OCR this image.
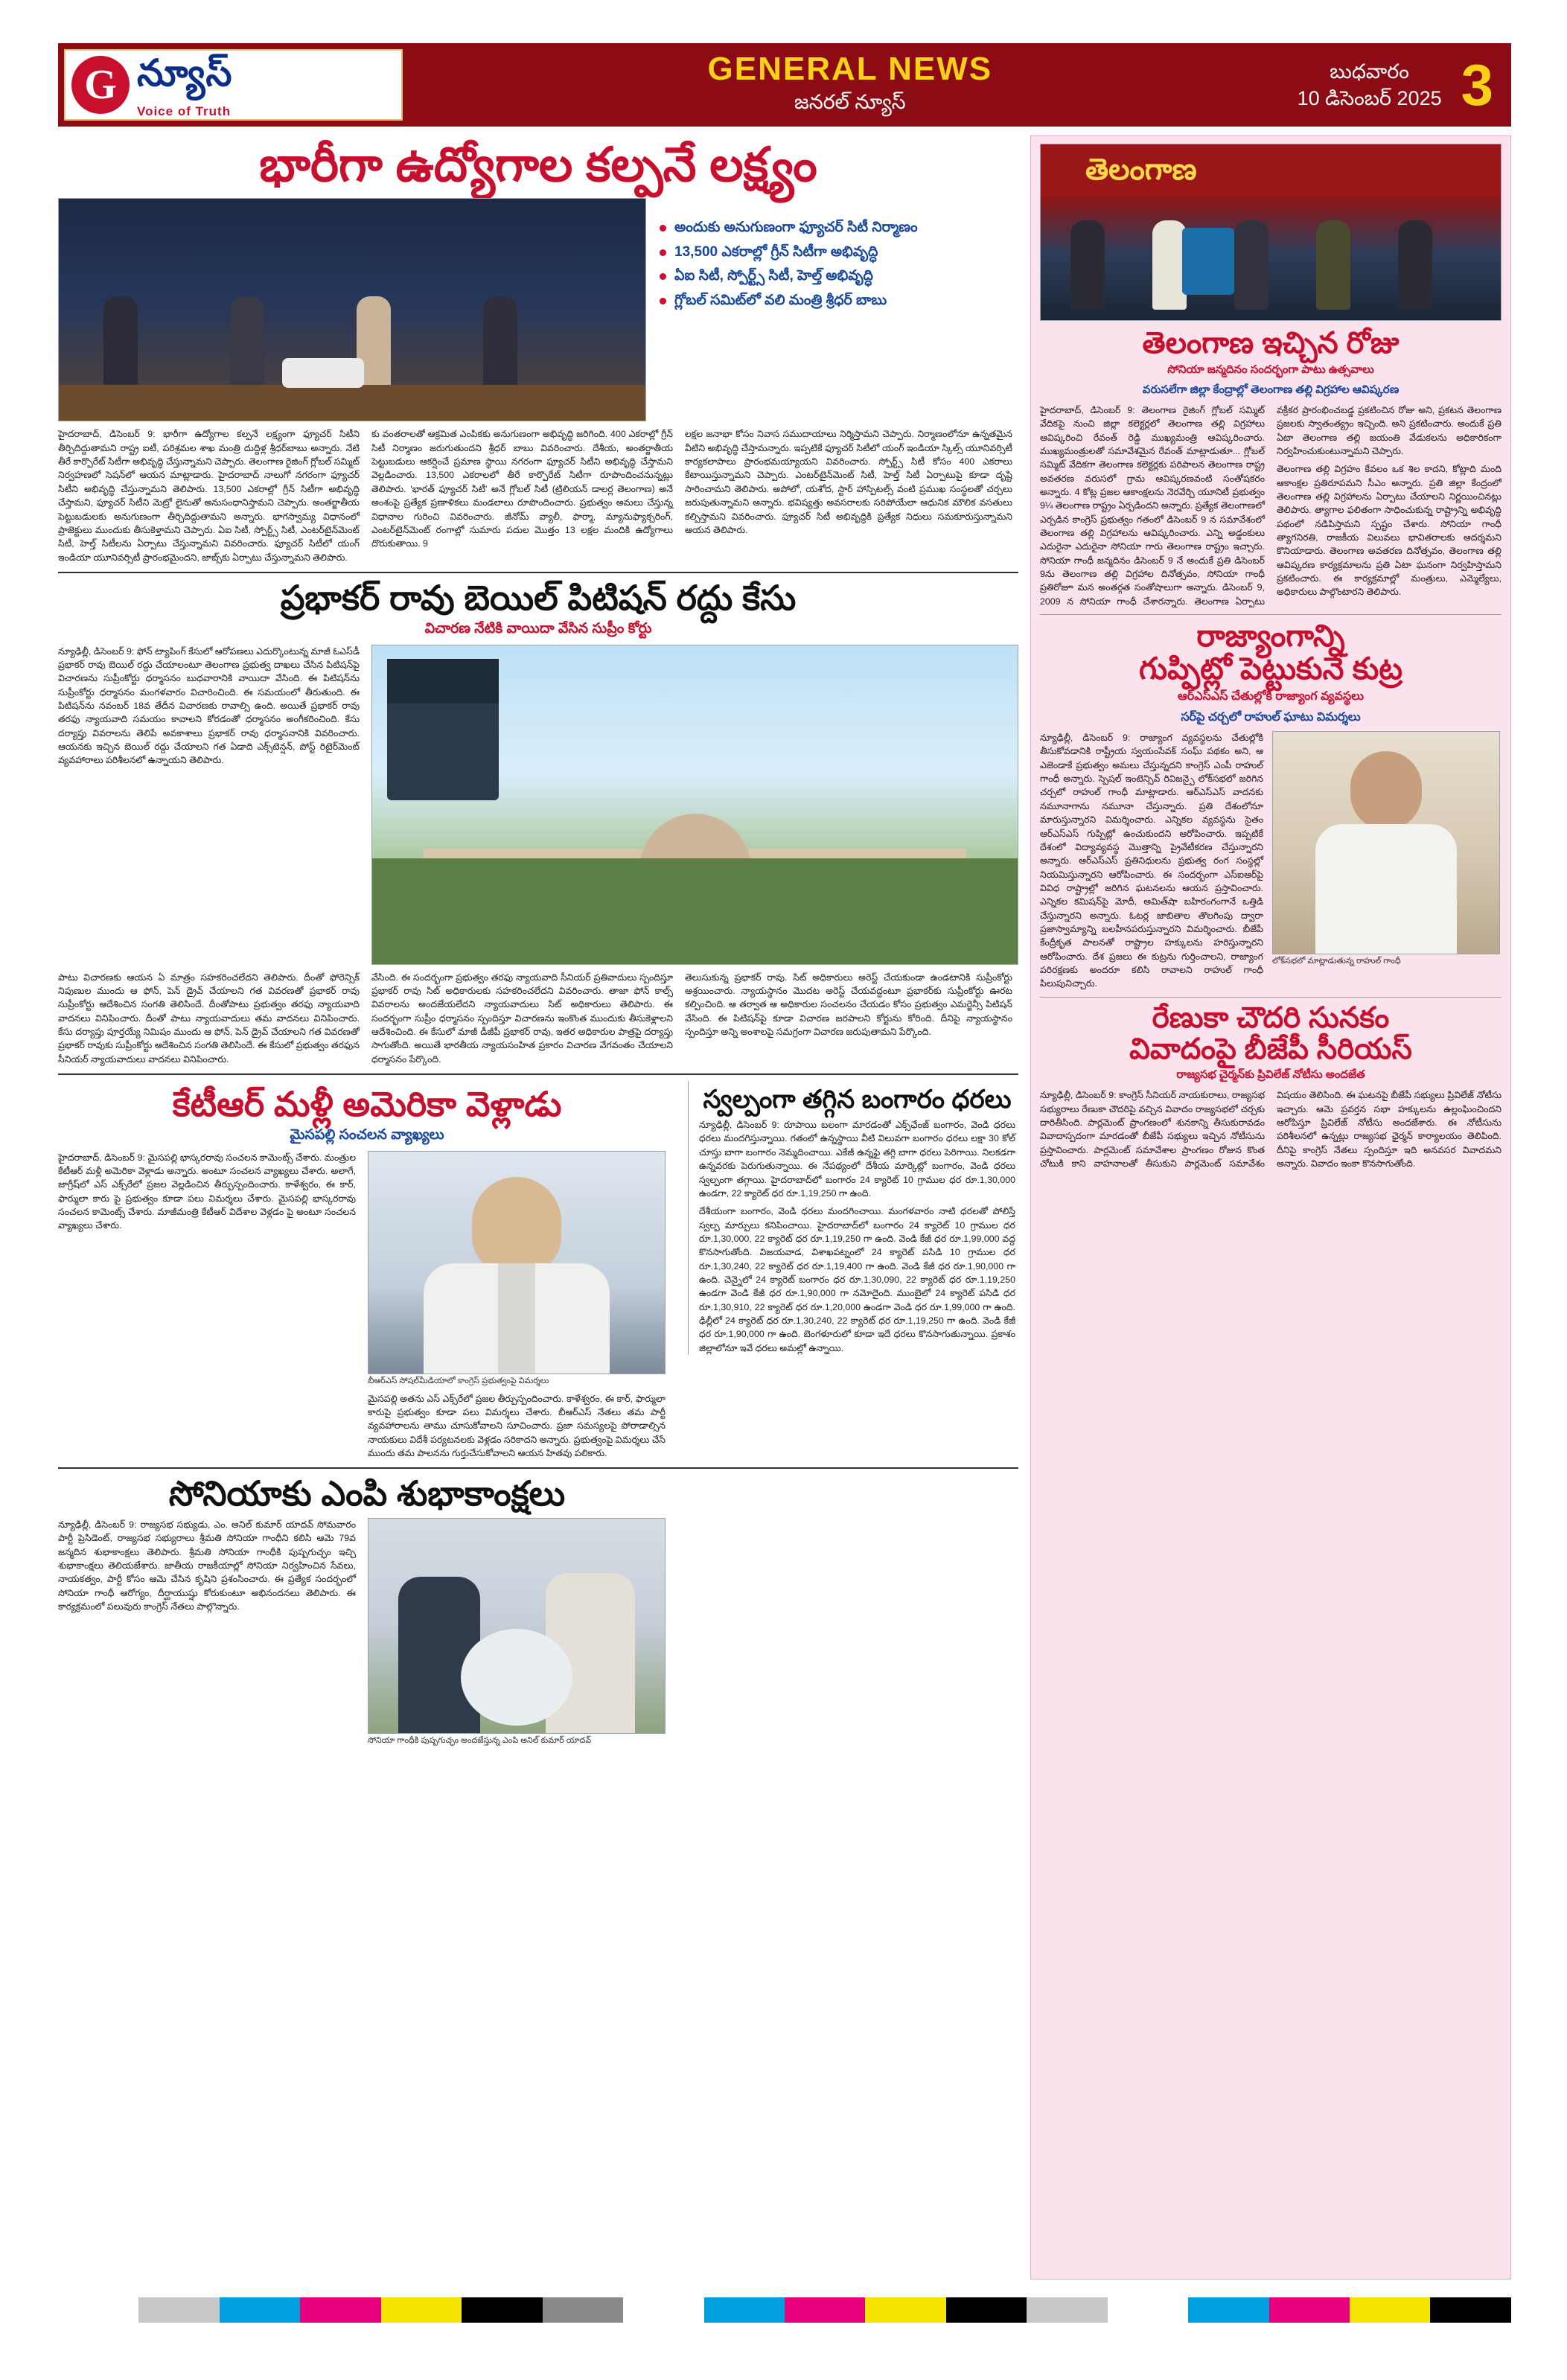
G న్యూస్
Voice of Truth
GENERAL NEWS
జనరల్ న్యూస్
బుధవారం
10 డిసెంబర్ 2025 3
భారీగా ఉద్యోగాల కల్పనే లక్ష్యం
అందుకు అనుగుణంగా ఫ్యూచర్ సిటీ నిర్మాణం
13,500 ఎకరాల్లో గ్రీన్ సిటీగా అభివృద్ధి
ఏఐ సిటీ, స్పోర్ట్స్ సిటీ, హెల్త్ అభివృద్ధి
గ్లోబల్ సమిట్‌లో వలి మంత్రి శ్రీధర్ బాబు
హైదరాబాద్, డిసెంబర్ 9: భారీగా ఉద్యోగాల కల్పనే లక్ష్యంగా ఫ్యూచర్ సిటీని తీర్చిదిద్దుతామని రాష్ట్ర ఐటీ, పరిశ్రమల శాఖ మంత్రి దుద్దిళ్ల శ్రీధర్‌బాబు అన్నారు. నేటి తీరే కార్పొరేట్ సిటీగా అభివృద్ధి చేస్తున్నామని చెప్పారు. తెలంగాణ రైజింగ్ గ్లోబల్ సమ్మిట్ నిర్వహణలో సెషన్‌లో ఆయన మాట్లాడారు. హైదరాబాద్ నాలుగో నగరంగా ఫ్యూచర్ సిటీని అభివృద్ధి చేస్తున్నామని తెలిపారు. 13,500 ఎకరాల్లో గ్రీన్ సిటీగా అభివృద్ధి చేస్తామని, ఫ్యూచర్ సిటీని మెట్రో లైనుతో అనుసంధానిస్తామని చెప్పారు. అంతర్జాతీయ పెట్టుబడులకు అనుగుణంగా తీర్చిదిద్దుతామని అన్నారు. భాగస్వామ్య విధానంలో ప్రాజెక్టులు ముందుకు తీసుకెళ్తామని చెప్పారు. ఏఐ సిటీ, స్పోర్ట్స్ సిటీ, ఎంటర్‌టైన్‌మెంట్ సిటీ, హెల్త్ సిటీలను ఏర్పాటు చేస్తున్నామని వివరించారు. ఫ్యూచర్ సిటీలో యంగ్ ఇండియా యూనివర్సిటీ ప్రారంభమైందని, జాబ్స్‌కు ఏర్పాటు చేస్తున్నామని తెలిపారు.
కు వంతరాలతో ఆక్రమిత ఎంపికకు అనుగుణంగా అభివృద్ధి జరిగింది. 400 ఎకరాల్లో గ్రీన్ సిటీ నిర్మాణం జరుగుతుందని శ్రీధర్ బాబు వివరించారు. దేశీయ, అంతర్జాతీయ పెట్టుబడులు ఆకర్షించే ప్రమాణ స్థాయి నగరంగా ఫ్యూచర్ సిటీని అభివృద్ధి చేస్తామని వెల్లడించారు. 13,500 ఎకరాలలో తీరే కార్పొరేట్ సిటీగా రూపొందించనున్నట్లు తెలిపారు. 'భారత్ ఫ్యూచర్ సిటీ' అనే గ్లోబల్ సిటీ (ట్రిలియన్ డాలర్ల తెలంగాణ) అనే అంశంపై ప్రత్యేక ప్రణాళికలు మండలాలు రూపొందించారు. ప్రభుత్వం అమలు చేస్తున్న విధానాల గురించి వివరించారు. జీనోమ్ వ్యాలీ, ఫార్మా, మ్యానుఫ్యాక్చరింగ్, ఎంటర్‌టైన్‌మెంట్ రంగాల్లో సుమారు పదుల మొత్తం 13 లక్షల మందికి ఉద్యోగాలు దొరుకుతాయి. 9
లక్షల జనాభా కోసం నివాస సముదాయాలు నిర్మిస్తామని చెప్పారు. నిర్మాణంలోనూ ఉన్నతమైన వీటిని అభివృద్ధి చేస్తామన్నారు. ఇప్పటికే ఫ్యూచర్ సిటీలో యంగ్ ఇండియా స్కిల్స్ యూనివర్సిటీ కార్యకలాపాలు ప్రారంభమయ్యాయని వివరించారు. స్పోర్ట్స్ సిటీ కోసం 400 ఎకరాలు కేటాయిస్తున్నామని చెప్పారు. ఎంటర్‌టైన్‌మెంట్ సిటీ, హెల్త్ సిటీ ఏర్పాటుపై కూడా దృష్టి సారించామని తెలిపారు. అపోలో, యశోద, స్టార్ హాస్పిటల్స్ వంటి ప్రముఖ సంస్థలతో చర్చలు జరుపుతున్నామని అన్నారు. భవిష్యత్తు అవసరాలకు సరిపోయేలా ఆధునిక మౌలిక వసతులు కల్పిస్తామని వివరించారు. ఫ్యూచర్ సిటీ అభివృద్ధికి ప్రత్యేక నిధులు సమకూరుస్తున్నామని ఆయన తెలిపారు.
ప్రభాకర్ రావు బెయిల్ పిటిషన్ రద్దు కేసు
విచారణ నేటికి వాయిదా వేసిన సుప్రీం కోర్టు
న్యూఢిల్లీ, డిసెంబర్ 9: ఫోన్ ట్యాపింగ్ కేసులో ఆరోపణలు ఎదుర్కొంటున్న మాజీ ఓఎస్‌డీ ప్రభాకర్ రావు బెయిల్ రద్దు చేయాలంటూ తెలంగాణ ప్రభుత్వ దాఖలు చేసిన పిటిషన్‌పై విచారణను సుప్రీంకోర్టు ధర్మాసనం బుధవారానికి వాయిదా వేసింది. ఈ పిటిషన్‌ను సుప్రీంకోర్టు ధర్మాసనం మంగళవారం విచారించింది. ఈ సమయంలో తీరుతుంది. ఈ పిటిషన్‌ను నవంబర్ 18వ తేదీన విచారణకు రావాల్సి ఉంది. అయితే ప్రభాకర్ రావు తరఫు న్యాయవాది సమయం కావాలని కోరడంతో ధర్మాసనం అంగీకరించింది. కేసు దర్యాప్తు వివరాలను తెలిపే అవకాశాలు ప్రభాకర్ రావు ధర్మాసనానికి వివరించారు. ఆయనకు ఇచ్చిన బెయిల్ రద్దు చేయాలని గత ఏడాది ఎక్స్‌టెన్షన్, పోస్ట్ రిటైర్‌మెంట్ వ్యవహారాలు పరిశీలనలో ఉన్నాయని తెలిపారు.
పాటు విచారణకు ఆయన ఏ మాత్రం సహకరించలేదని తెలిపారు. దీంతో ఫోరెన్సిక్ నిపుణుల ముందు ఆ ఫోన్, పెన్ డ్రైవ్ చేయాలని గత వివరణతో ప్రభాకర్ రావు సుప్రీంకోర్టు ఆదేశించిన సంగతి తెలిసిందే. దీంతోపాటు ప్రభుత్వం తరఫు న్యాయవాది వాదనలు వినిపించారు. దీంతో పాటు న్యాయవాదులు తమ వాదనలు వినిపించారు. కేసు దర్యాప్తు పూర్తయ్యే నిమిషం ముందు ఆ ఫోన్, పెన్ డ్రైవ్ చేయాలని గత వివరణతో ప్రభాకర్ రావుకు సుప్రీంకోర్టు ఆదేశించిన సంగతి తెలిసిందే. ఈ కేసులో ప్రభుత్వం తరఫున సీనియర్ న్యాయవాదులు వాదనలు వినిపించారు.
వేసింది. ఈ సందర్భంగా ప్రభుత్వం తరఫు న్యాయవాది సీనియర్ ప్రతివాదులు స్పందిస్తూ ప్రభాకర్ రావు సిట్ అధికారులకు సహకరించలేదని వివరించారు. తాజా ఫోన్ కాల్స్ వివరాలను అందజేయలేదని న్యాయవాదులు సిట్ అధికారులు తెలిపారు. ఈ సందర్భంగా సుప్రీం ధర్మాసనం స్పందిస్తూ విచారణను ఇంకొంత ముందుకు తీసుకెళ్లాలని ఆదేశించింది. ఈ కేసులో మాజీ డీజీపీ ప్రభాకర్ రావు, ఇతర అధికారుల పాత్రపై దర్యాప్తు సాగుతోంది. అయితే భారతీయ న్యాయసంహిత ప్రకారం విచారణ వేగవంతం చేయాలని ధర్మాసనం పేర్కొంది.
తెలుసుకున్న ప్రభాకర్ రావు. సిట్ అధికారులు అరెస్ట్ చేయకుండా ఉండటానికి సుప్రీంకోర్టు ఆశ్రయించారు. న్యాయస్థానం మొదట అరెస్ట్ చేయవద్దంటూ ప్రభాకర్‌కు సుప్రీంకోర్టు ఊరట కల్పించింది. ఆ తర్వాత ఆ అధికారుల సంచలనం చేయడం కోసం ప్రభుత్వం ఎమర్జెన్సీ పిటిషన్ వేసింది. ఈ పిటిషన్‌పై కూడా విచారణ జరపాలని కోర్టును కోరింది. దీనిపై న్యాయస్థానం స్పందిస్తూ అన్ని అంశాలపై సమగ్రంగా విచారణ జరుపుతామని పేర్కొంది.
కేటీఆర్ మళ్లీ అమెరికా వెళ్లాడు
మైసపల్లి సంచలన వ్యాఖ్యలు
హైదరాబాద్, డిసెంబర్ 9: మైసపల్లి భాస్కరరావు సంచలన కామెంట్స్ చేశారు. మంత్రుల కేటీఆర్ మళ్లీ అమెరికా వెళ్లాడు అన్నారు. అంటూ సంచలన వ్యాఖ్యలు చేశారు. అలాగే, జాగ్రీష్‌లో ఎస్ ఎక్స్‌రేలో ప్రజల వెల్లడించిన తీర్పుస్పందించారు. కాళేశ్వరం, ఈ కార్, ఫార్ములా కారు పై ప్రభుత్వం కూడా పలు విమర్శలు చేశారు. మైసపల్లి భాస్కరరావు సంచలన కామెంట్స్ చేశారు. మాజీమంత్రి కేటీఆర్ విదేశాల వెళ్లడం పై అంటూ సంచలన వ్యాఖ్యలు చేశారు.
బీఆర్ఎస్ సోషల్‌మీడియాలో కాంగ్రెస్ ప్రభుత్వంపై విమర్శలు
మైసపల్లి అతను ఎస్ ఎక్స్‌రేలో ప్రజల తీర్పుస్పందించారు. కాళేశ్వరం, ఈ కార్, ఫార్ములా కారుపై ప్రభుత్వం కూడా పలు విమర్శలు చేశారు. బీఆర్ఎస్ నేతలు తమ పార్టీ వ్యవహారాలను తాము చూసుకోవాలని సూచించారు. ప్రజా సమస్యలపై పోరాడాల్సిన నాయకులు విదేశీ పర్యటనలకు వెళ్లడం సరికాదని అన్నారు. ప్రభుత్వంపై విమర్శలు చేసే ముందు తమ పాలనను గుర్తుచేసుకోవాలని ఆయన హితవు పలికారు.
స్వల్పంగా తగ్గిన బంగారం ధరలు
న్యూఢిల్లీ, డిసెంబర్ 9: రూపాయి బలంగా మారడంతో ఎక్స్‌ఛేంజ్ బంగారం, వెండి ధరలు ధరలు మందగిస్తున్నాయి. గతంలో ఉన్నస్థాయి వీటి విలువగా బంగారం ధరలు లక్షా 30 కోల్ చూస్తు బాగా బంగారం నెమ్మదించాయి. ఎకేజీ ఉన్నఫై తగ్గి బాగా ధరలు పెరిగాయి. నిలకడగా ఉన్నవరకు పెరుగుతున్నాయి. ఈ నేపథ్యంలో దేశీయ మార్కెట్లో బంగారం, వెండి ధరలు స్వల్పంగా తగ్గాయి. హైదరాబాద్‌లో బంగారం 24 క్యారెట్ 10 గ్రాముల ధర రూ.1,30,000 ఉండగా, 22 క్యారెట్ ధర రూ.1,19,250 గా ఉంది.
దేశీయంగా బంగారం, వెండి ధరలు మందగించాయి. మంగళవారం నాటి ధరలతో పోలిస్తే స్వల్ప మార్పులు కనిపించాయి. హైదరాబాద్‌లో బంగారం 24 క్యారెట్ 10 గ్రాముల ధర రూ.1,30,000, 22 క్యారెట్ ధర రూ.1,19,250 గా ఉంది. వెండి కేజీ ధర రూ.1,99,000 వద్ద కొనసాగుతోంది. విజయవాడ, విశాఖపట్నంలో 24 క్యారెట్ పసిడి 10 గ్రాముల ధర రూ.1,30,240, 22 క్యారెట్ ధర రూ.1,19,400 గా ఉంది. వెండి కేజీ ధర రూ.1,90,000 గా ఉంది. చెన్నైలో 24 క్యారెట్ బంగారం ధర రూ.1,30,090, 22 క్యారెట్ ధర రూ.1,19,250 ఉండగా వెండి కేజీ ధర రూ.1,90,000 గా నమోదైంది. ముంబైలో 24 క్యారెట్ పసిడి ధర రూ.1,30,910, 22 క్యారెట్ ధర రూ.1,20,000 ఉండగా వెండి ధర రూ.1,99,000 గా ఉంది. ఢిల్లీలో 24 క్యారెట్ ధర రూ.1,30,240, 22 క్యారెట్ ధర రూ.1,19,250 గా ఉంది. వెండి కేజీ ధర రూ.1,90,000 గా ఉంది. బెంగళూరులో కూడా ఇదే ధరలు కొనసాగుతున్నాయి. ప్రకాశం జిల్లాలోనూ ఇవే ధరలు అమల్లో ఉన్నాయి.
సోనియాకు ఎంపి శుభాకాంక్షలు
న్యూఢిల్లీ, డిసెంబర్ 9: రాజ్యసభ సభ్యుడు, ఎం. అనిల్ కుమార్ యాదవ్ సోమవారం పార్టీ ప్రెసిడెంట్, రాజ్యసభ సభ్యురాలు శ్రీమతి సోనియా గాంధీని కలిసి ఆమె 79వ జన్మదిన శుభాకాంక్షలు తెలిపారు. శ్రీమతి సోనియా గాంధీకి పుష్పగుచ్ఛం ఇచ్చి శుభాకాంక్షలు తెలియజేశారు. జాతీయ రాజకీయాల్లో సోనియా నిర్వహించిన సేవలు, నాయకత్వం, పార్టీ కోసం ఆమె చేసిన కృషిని ప్రశంసించారు. ఈ ప్రత్యేక సందర్భంలో సోనియా గాంధీ ఆరోగ్యం, దీర్ఘాయుష్షు కోరుకుంటూ అభినందనలు తెలిపారు. ఈ కార్యక్రమంలో పలువురు కాంగ్రెస్ నేతలు పాల్గొన్నారు.
సోనియా గాంధీకి పుష్పగుచ్ఛం అందజేస్తున్న ఎంపి అనిల్ కుమార్ యాదవ్
తెలంగాణ
తెలంగాణ ఇచ్చిన రోజు
సోనియా జన్మదినం సందర్భంగా పాటు ఉత్సవాలు
వరుసలేగా జిల్లా కేంద్రాల్లో తెలంగాణ తల్లి విగ్రహాల ఆవిష్కరణ
హైదరాబాద్, డిసెంబర్ 9: తెలంగాణ రైజింగ్ గ్లోబల్ సమ్మిట్ వేదికపై నుంచి జిల్లా కలెక్టర్లలో తెలంగాణ తల్లి విగ్రహాలు ఆవిష్కరించి రేవంత్ రెడ్డి ముఖ్యమంత్రి ఆవిష్కరించారు. ముఖ్యమంత్రులతో సమావేశమైన రేవంత్ మాట్లాడుతూ... గ్లోబల్ సమ్మిట్ వేదికగా తెలంగాణ కలెక్టర్లకు పరిపాలన తెలంగాణ రాష్ట్ర అవతరణ వరుసలో గ్రామ ఆవిష్కరణవంటి సంతోషకరం అన్నారు. 4 కోట్ల ప్రజల ఆకాంక్షలను నెరవేర్చి యూనిటీ ప్రభుత్వం 9¼ తెలంగాణ రాష్ట్రం ఏర్పడిందని అన్నారు. ప్రత్యేక తెలంగాణలో ఎర్పడిన కాంగ్రెస్ ప్రభుత్వం గతంలో డిసెంబర్ 9 న సమావేశంలో తెలంగాణ తల్లి విగ్రహాలను ఆవిష్కరించారు. ఎన్ని అడ్డంకులు ఎదురైనా ఎదురైనా సోనియా గారు తెలంగాణ రాష్ట్రం ఇచ్చారు. సోనియా గాంధీ జన్మదినం డిసెంబర్ 9 నే అందుకే ప్రతి డిసెంబర్ 9ను తెలంగాణ తల్లి విగ్రహాల దినోత్సవం, సోనియా గాంధీ ప్రతిరోజూ మన అంతర్గత సంతోషాలుగా అన్నారు. డిసెంబర్ 9, 2009 న సోనియా గాంధీ చేశారన్నారు. తెలంగాణ ఏర్పాటు వక్రీకర ప్రారంభించబడ్డ ప్రకటించిన రోజు అని, ప్రకటన తెలంగాణ ప్రజలకు స్వాతంత్య్రం ఇచ్చింది. అని ప్రకటించారు. అందుకే ప్రతి ఏటా తెలంగాణ తల్లి జయంతి వేడుకలను అధికారికంగా నిర్వహించుకుంటున్నామని చెప్పారు.
తెలంగాణ తల్లి విగ్రహం కేవలం ఒక శిల కాదని, కోట్లాది మంది ఆకాంక్షల ప్రతిరూపమని సీఎం అన్నారు. ప్రతి జిల్లా కేంద్రంలో తెలంగాణ తల్లి విగ్రహాలను ఏర్పాటు చేయాలని నిర్ణయించినట్లు తెలిపారు. త్యాగాల ఫలితంగా సాధించుకున్న రాష్ట్రాన్ని అభివృద్ధి పథంలో నడిపిస్తామని స్పష్టం చేశారు. సోనియా గాంధీ త్యాగనిరతి, రాజకీయ విలువలు భావితరాలకు ఆదర్శమని కొనియాడారు. తెలంగాణ అవతరణ దినోత్సవం, తెలంగాణ తల్లి ఆవిష్కరణ కార్యక్రమాలను ప్రతి ఏటా ఘనంగా నిర్వహిస్తామని ప్రకటించారు. ఈ కార్యక్రమాల్లో మంత్రులు, ఎమ్మెల్యేలు, అధికారులు పాల్గొంటారని తెలిపారు.
రాజ్యాంగాన్ని
గుప్పిట్లో పెట్టుకునే కుట్ర
ఆర్ఎస్ఎస్ చేతుల్లోకి రాజ్యాంగ వ్యవస్థలు
సర్‌పై చర్చలో రాహుల్ ఘాటు విమర్శలు
న్యూఢిల్లీ, డిసెంబర్ 9: రాజ్యాంగ వ్యవస్థలను చేతుల్లోకి తీసుకోవడానికి రాష్ట్రీయ స్వయంసేవక్ సంఘ్ పథకం అని, ఆ ఎజెండాకే ప్రభుత్వం అమలు చేస్తున్నదని కాంగ్రెస్ ఎంపీ రాహుల్ గాంధీ అన్నారు. స్పెషల్ ఇంటెన్సివ్ రివిజన్పై లోక్‌సభలో జరిగిన చర్చలో రాహుల్ గాంధీ మాట్లాడారు. ఆర్ఎస్ఎస్ వాదనకు నమూనాగాను నమూనా చేస్తున్నారు. ప్రతి దేశంలోనూ మారుస్తున్నారని విమర్శించారు. ఎన్నికల వ్యవస్థను సైతం ఆర్ఎస్ఎస్ గుప్పిట్లో ఉంచుకుందని ఆరోపించారు. ఇప్పటికే దేశంలో విద్యావ్యవస్థ మొత్తాన్ని ప్రైవేటీకరణ చేస్తున్నారని అన్నారు. ఆర్ఎస్ఎస్ ప్రతినిధులను ప్రభుత్వ రంగ సంస్థల్లో నియమిస్తున్నారని ఆరోపించారు. ఈ సందర్భంగా ఎస్ఐఆర్‌పై వివిధ రాష్ట్రాల్లో జరిగిన ఘటనలను ఆయన ప్రస్తావించారు. ఎన్నికల కమిషన్‌పై మోదీ, అమిత్‌షా బహిరంగంగానే ఒత్తిడి చేస్తున్నారని అన్నారు. ఓటర్ల జాబితాల తొలగింపు ద్వారా ప్రజాస్వామ్యాన్ని బలహీనపరుస్తున్నారని విమర్శించారు. బీజేపీ కేంద్రీకృత పాలనతో రాష్ట్రాల హక్కులను హరిస్తున్నారని ఆరోపించారు. దేశ ప్రజలు ఈ కుట్రను గుర్తించాలని, రాజ్యాంగ పరిరక్షణకు అందరూ కలిసి రావాలని రాహుల్ గాంధీ పిలుపునిచ్చారు.
లోక్‌సభలో మాట్లాడుతున్న రాహుల్ గాంధీ
రేణుకా చౌదరి సునకం
వివాదంపై బీజేపీ సీరియస్
రాజ్యసభ చైర్మన్‌కు ప్రివిలేజ్ నోటీసు అందజేత
న్యూఢిల్లీ, డిసెంబర్ 9: కాంగ్రెస్ సీనియర్ నాయకురాలు, రాజ్యసభ సభ్యురాలు రేణుకా చౌదరిపై వచ్చిన వివాదం రాజ్యసభలో చర్చకు దారితీసింది. పార్లమెంట్ ప్రాంగణంలో శునకాన్ని తీసుకురావడం వివాదాస్పదంగా మారడంతో బీజేపీ సభ్యులు ఇచ్చిన నోటీసును ప్రస్తావించారు. పార్లమెంట్ సమావేశాల ప్రాంగణం రోజున కొంత చోటుకి కాని వాహనాలతో తీసుకుని పార్లమెంట్ సమావేశం విషయం తెలిసింది. ఈ ఘటనపై బీజేపీ సభ్యులు ప్రివిలేజ్ నోటీసు ఇచ్చారు. ఆమె ప్రవర్తన సభా హక్కులను ఉల్లంఘించిందని ఆరోపిస్తూ ప్రివిలేజ్ నోటీసు అందజేశారు. ఈ నోటీసును పరిశీలనలో ఉన్నట్లు రాజ్యసభ ఛైర్మన్ కార్యాలయం తెలిపింది. దీనిపై కాంగ్రెస్ నేతలు స్పందిస్తూ ఇది అనవసర వివాదమని అన్నారు. వివాదం ఇంకా కొనసాగుతోంది.
